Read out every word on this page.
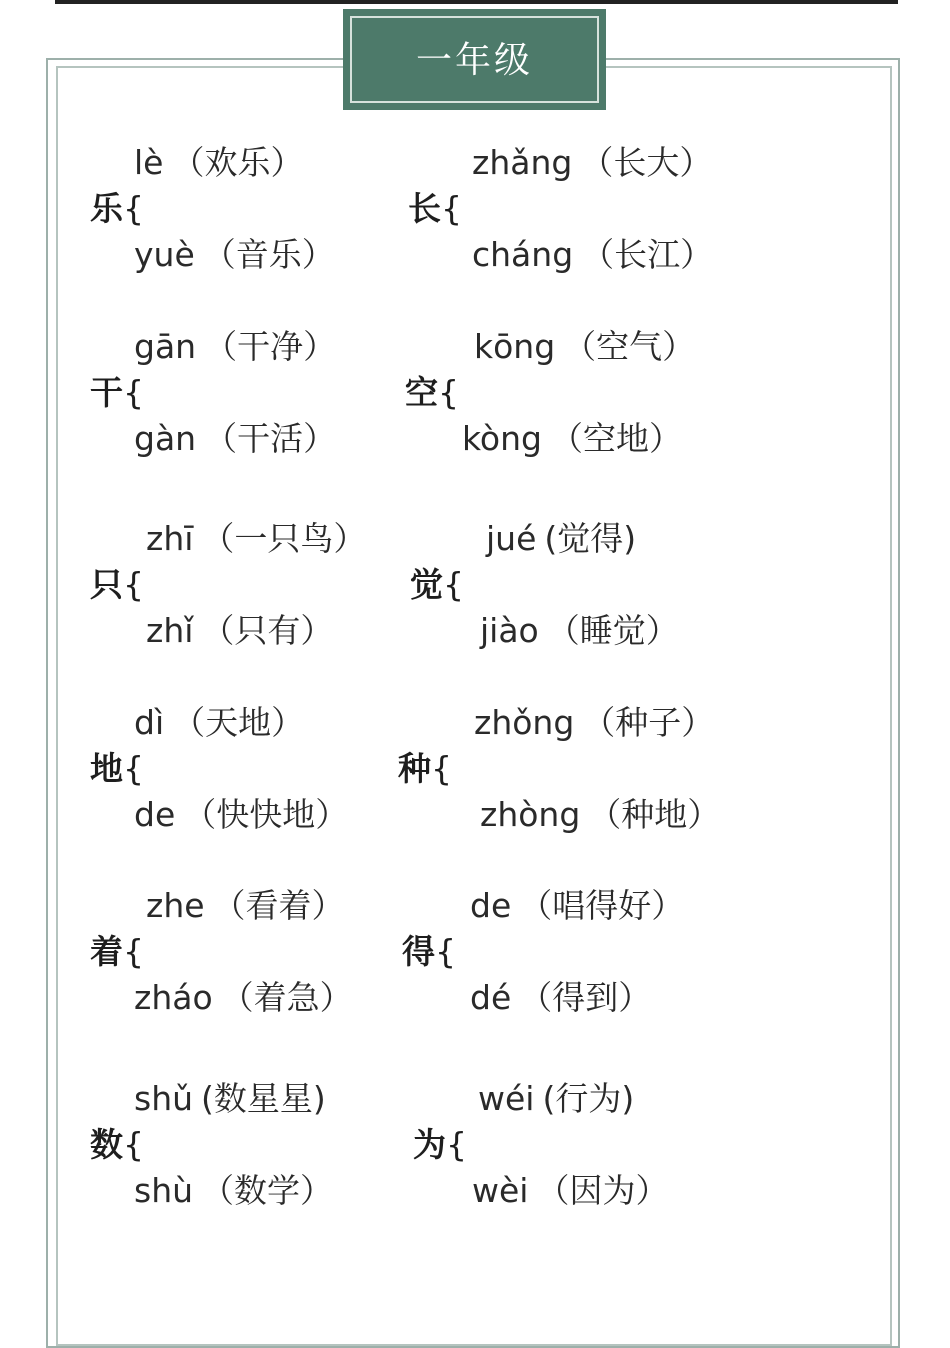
一年级
lè （欢乐）
乐{
yuè （音乐）
zhǎng （长大）
长{
cháng （长江）
gān （干净）
干{
gàn （干活）
kōng （空气）
空{
kòng （空地）
zhī （一只鸟）
只{
zhǐ （只有）
jué (觉得)
觉{
jiào （睡觉）
dì （天地）
地{
de （快快地）
zhǒng （种子）
种{
zhòng （种地）
zhe （看着）
着{
zháo （着急）
de （唱得好）
得{
dé （得到）
shǔ (数星星)
数{
shù （数学）
wéi (行为)
为{
wèi （因为）
